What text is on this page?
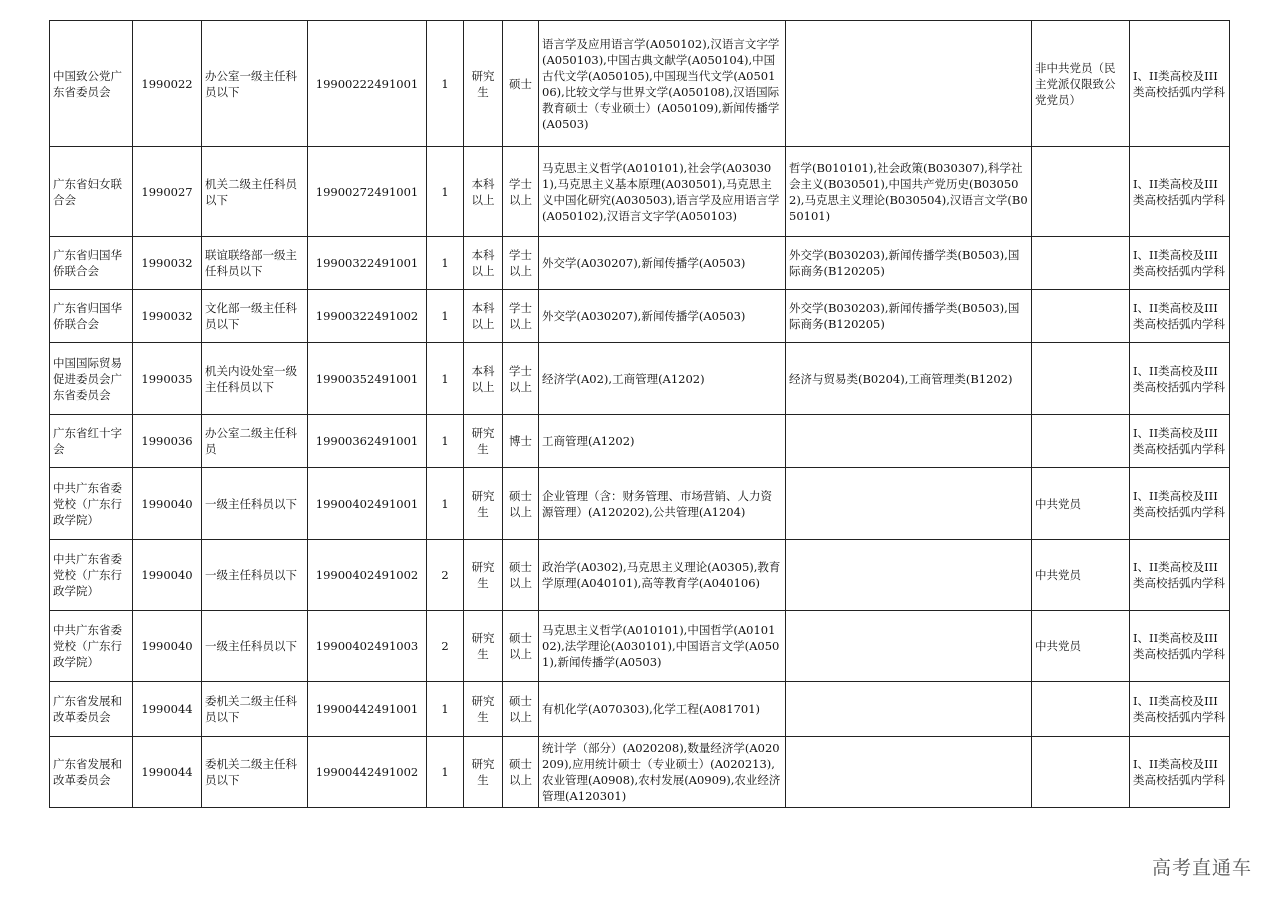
中国致公党广东省委员会	1990022	办公室一级主任科员以下	19900222491001	1	研究生	硕士	语言学及应用语言学(A050102),汉语言文字学(A050103),中国古典文献学(A050104),中国古代文学(A050105),中国现当代文学(A050106),比较文学与世界文学(A050108),汉语国际教育硕士（专业硕士）(A050109),新闻传播学(A0503)		非中共党员（民主党派仅限致公党党员）	I、II类高校及III类高校括弧内学科
广东省妇女联合会	1990027	机关二级主任科员以下	19900272491001	1	本科以上	学士以上	马克思主义哲学(A010101),社会学(A030301),马克思主义基本原理(A030501),马克思主义中国化研究(A030503),语言学及应用语言学(A050102),汉语言文字学(A050103)	哲学(B010101),社会政策(B030307),科学社会主义(B030501),中国共产党历史(B030502),马克思主义理论(B030504),汉语言文学(B050101)		I、II类高校及III类高校括弧内学科
广东省归国华侨联合会	1990032	联谊联络部一级主任科员以下	19900322491001	1	本科以上	学士以上	外交学(A030207),新闻传播学(A0503)	外交学(B030203),新闻传播学类(B0503),国际商务(B120205)		I、II类高校及III类高校括弧内学科
广东省归国华侨联合会	1990032	文化部一级主任科员以下	19900322491002	1	本科以上	学士以上	外交学(A030207),新闻传播学(A0503)	外交学(B030203),新闻传播学类(B0503),国际商务(B120205)		I、II类高校及III类高校括弧内学科
中国国际贸易促进委员会广东省委员会	1990035	机关内设处室一级主任科员以下	19900352491001	1	本科以上	学士以上	经济学(A02),工商管理(A1202)	经济与贸易类(B0204),工商管理类(B1202)		I、II类高校及III类高校括弧内学科
广东省红十字会	1990036	办公室二级主任科员	19900362491001	1	研究生	博士	工商管理(A1202)			I、II类高校及III类高校括弧内学科
中共广东省委党校（广东行政学院）	1990040	一级主任科员以下	19900402491001	1	研究生	硕士以上	企业管理（含：财务管理、市场营销、人力资源管理）(A120202),公共管理(A1204)		中共党员	I、II类高校及III类高校括弧内学科
中共广东省委党校（广东行政学院）	1990040	一级主任科员以下	19900402491002	2	研究生	硕士以上	政治学(A0302),马克思主义理论(A0305),教育学原理(A040101),高等教育学(A040106)		中共党员	I、II类高校及III类高校括弧内学科
中共广东省委党校（广东行政学院）	1990040	一级主任科员以下	19900402491003	2	研究生	硕士以上	马克思主义哲学(A010101),中国哲学(A010102),法学理论(A030101),中国语言文学(A0501),新闻传播学(A0503)		中共党员	I、II类高校及III类高校括弧内学科
广东省发展和改革委员会	1990044	委机关二级主任科员以下	19900442491001	1	研究生	硕士以上	有机化学(A070303),化学工程(A081701)			I、II类高校及III类高校括弧内学科
广东省发展和改革委员会	1990044	委机关二级主任科员以下	19900442491002	1	研究生	硕士以上	统计学（部分）(A020208),数量经济学(A020209),应用统计硕士（专业硕士）(A020213),农业管理(A0908),农村发展(A0909),农业经济管理(A120301)			I、II类高校及III类高校括弧内学科
高考直通车
